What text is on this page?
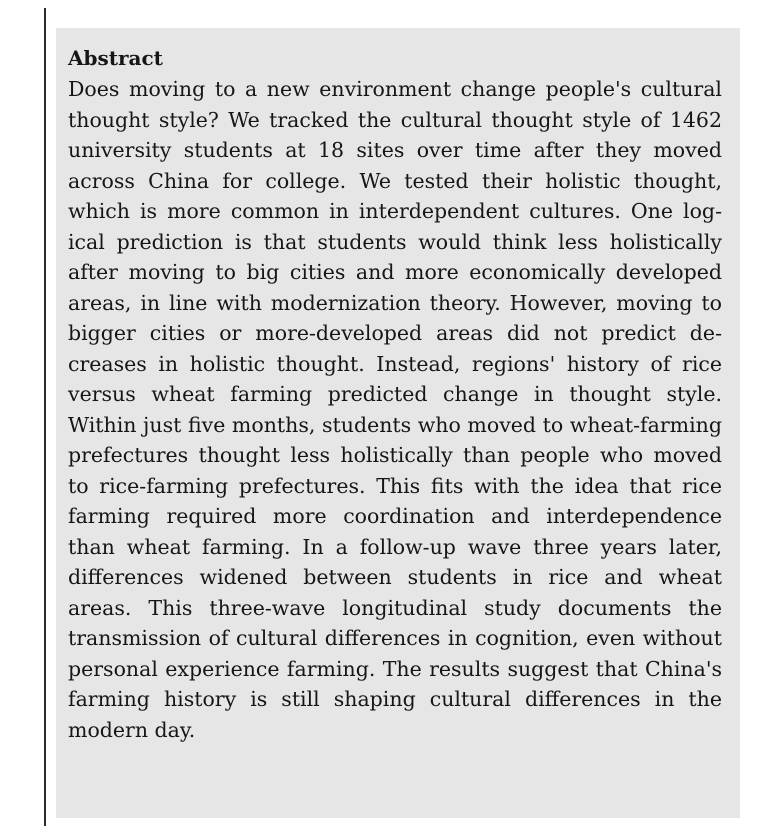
Abstract

Does moving to a new environment change people's cultural thought style? We tracked the cultural thought style of 1462 university students at 18 sites over time after they moved across China for college. We tested their holistic thought, which is more common in interdependent cultures. One logical prediction is that students would think less holistically after moving to big cities and more economically developed areas, in line with modernization theory. However, moving to bigger cities or more-developed areas did not predict decreases in holistic thought. Instead, regions' history of rice versus wheat farming predicted change in thought style. Within just five months, students who moved to wheat-farming prefectures thought less holistically than people who moved to rice-farming prefectures. This fits with the idea that rice farming required more coordination and interdependence than wheat farming. In a follow-up wave three years later, differences widened between students in rice and wheat areas. This three-wave longitudinal study documents the transmission of cultural differences in cognition, even without personal experience farming. The results suggest that China's farming history is still shaping cultural differences in the modern day.
